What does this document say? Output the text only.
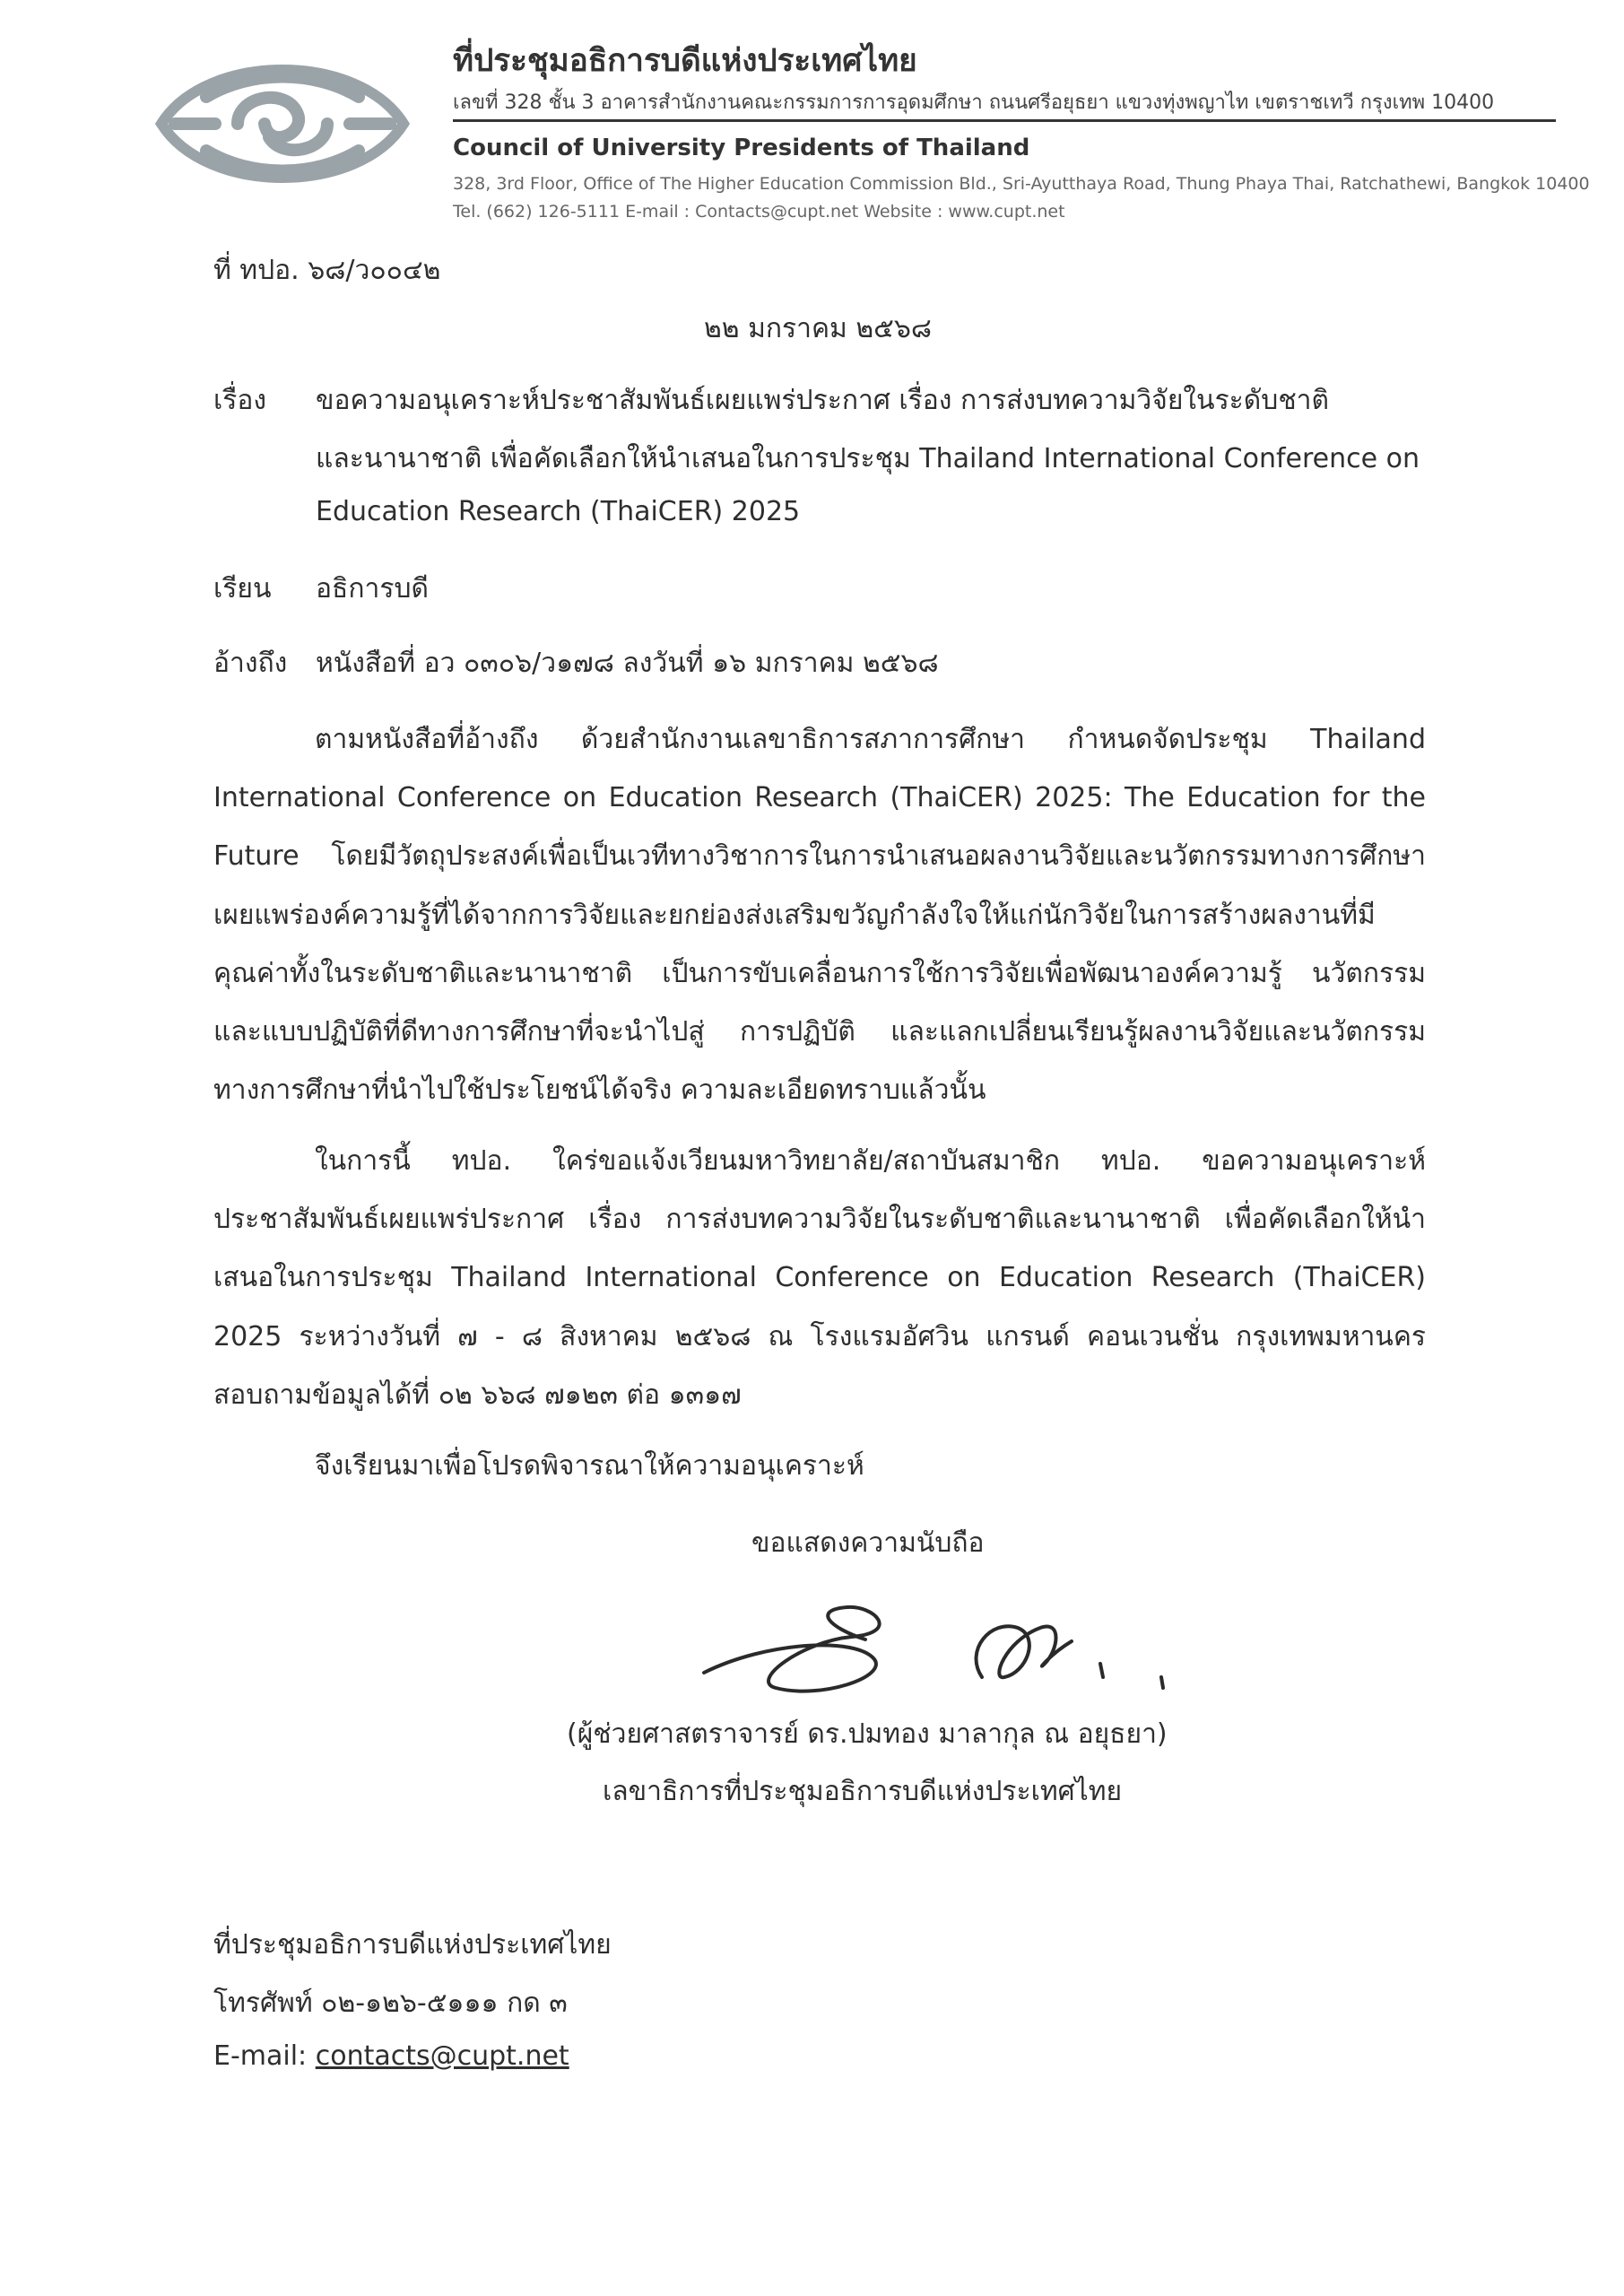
ที่ประชุมอธิการบดีแห่งประเทศไทย
เลขที่ 328 ชั้น 3 อาคารสำนักงานคณะกรรมการการอุดมศึกษา ถนนศรีอยุธยา แขวงทุ่งพญาไท เขตราชเทวี กรุงเทพ 10400
Council of University Presidents of Thailand
328, 3rd Floor, Office of The Higher Education Commission Bld., Sri-Ayutthaya Road, Thung Phaya Thai, Ratchathewi, Bangkok 10400
Tel. (662) 126-5111 E-mail : Contacts@cupt.net Website : www.cupt.net
ที่ ทปอ. ๖๘/ว๐๐๔๒
๒๒ มกราคม ๒๕๖๘
เรื่อง ขอความอนุเคราะห์ประชาสัมพันธ์เผยแพร่ประกาศ เรื่อง การส่งบทความวิจัยในระดับชาติ
และนานาชาติ เพื่อคัดเลือกให้นำเสนอในการประชุม Thailand International Conference on
Education Research (ThaiCER) 2025
เรียน อธิการบดี
อ้างถึง หนังสือที่ อว ๐๓๐๖/ว๑๗๘ ลงวันที่ ๑๖ มกราคม ๒๕๖๘

ตามหนังสือที่อ้างถึง ด้วยสำนักงานเลขาธิการสภาการศึกษา กำหนดจัดประชุม Thailand International Conference on Education Research (ThaiCER) 2025: The Education for the Future โดยมีวัตถุประสงค์เพื่อเป็นเวทีทางวิชาการในการนำเสนอผลงานวิจัยและนวัตกรรมทางการศึกษา เผยแพร่องค์ความรู้ที่ได้จากการวิจัยและยกย่องส่งเสริมขวัญกำลังใจให้แก่นักวิจัยในการสร้างผลงานที่มีคุณค่าทั้งในระดับชาติและนานาชาติ เป็นการขับเคลื่อนการใช้การวิจัยเพื่อพัฒนาองค์ความรู้ นวัตกรรม และแบบปฏิบัติที่ดีทางการศึกษาที่จะนำไปสู่ การปฏิบัติ และแลกเปลี่ยนเรียนรู้ผลงานวิจัยและนวัตกรรมทางการศึกษาที่นำไปใช้ประโยชน์ได้จริง ความละเอียดทราบแล้วนั้น

ในการนี้ ทปอ. ใคร่ขอแจ้งเวียนมหาวิทยาลัย/สถาบันสมาชิก ทปอ. ขอความอนุเคราะห์ประชาสัมพันธ์เผยแพร่ประกาศ เรื่อง การส่งบทความวิจัยในระดับชาติและนานาชาติ เพื่อคัดเลือกให้นำเสนอในการประชุม Thailand International Conference on Education Research (ThaiCER) 2025 ระหว่างวันที่ ๗ - ๘ สิงหาคม ๒๕๖๘ ณ โรงแรมอัศวิน แกรนด์ คอนเวนชั่น กรุงเทพมหานคร สอบถามข้อมูลได้ที่ ๐๒ ๖๖๘ ๗๑๒๓ ต่อ ๑๓๑๗

จึงเรียนมาเพื่อโปรดพิจารณาให้ความอนุเคราะห์

ขอแสดงความนับถือ
(ผู้ช่วยศาสตราจารย์ ดร.ปมทอง มาลากุล ณ อยุธยา)
เลขาธิการที่ประชุมอธิการบดีแห่งประเทศไทย
ที่ประชุมอธิการบดีแห่งประเทศไทย
โทรศัพท์ ๐๒-๑๒๖-๕๑๑๑ กด ๓
E-mail: contacts@cupt.net
